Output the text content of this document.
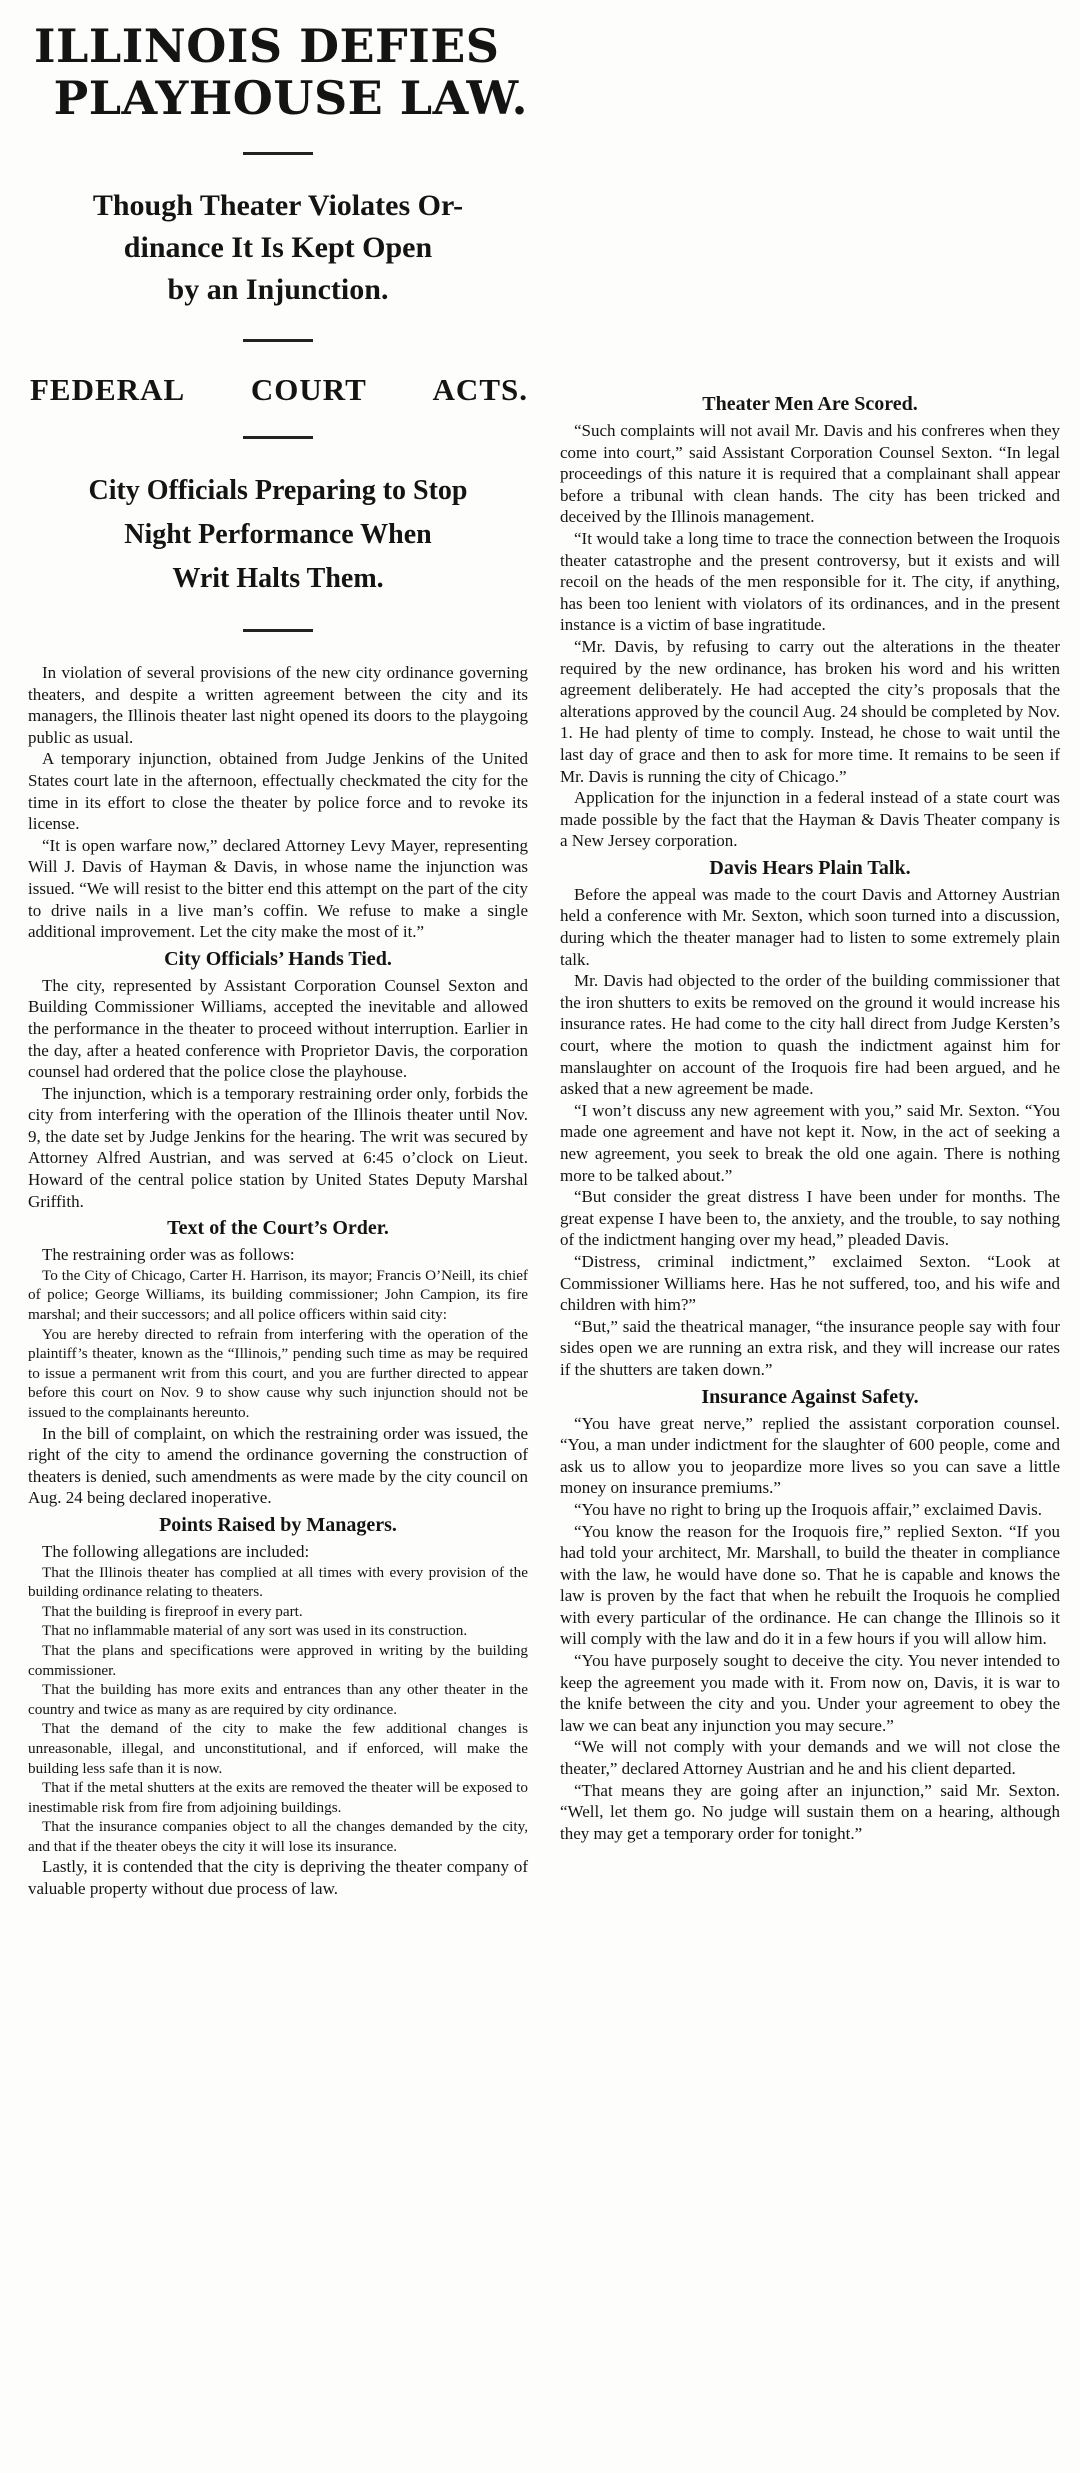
ILLINOIS DEFIES
PLAYHOUSE LAW.
Though Theater Violates Or-
dinance It Is Kept Open
by an Injunction.
FEDERAL COURT ACTS.
City Officials Preparing to Stop
Night Performance When
Writ Halts Them.

In violation of several provisions of the new city ordinance governing theaters, and despite a written agreement between the city and its managers, the Illinois theater last night opened its doors to the playgoing public as usual.

A temporary injunction, obtained from Judge Jenkins of the United States court late in the afternoon, effectually checkmated the city for the time in its effort to close the theater by police force and to revoke its license.

“It is open warfare now,” declared Attorney Levy Mayer, representing Will J. Davis of Hayman & Davis, in whose name the injunction was issued. “We will resist to the bitter end this attempt on the part of the city to drive nails in a live man’s coffin. We refuse to make a single additional improvement. Let the city make the most of it.”

City Officials’ Hands Tied.

The city, represented by Assistant Corporation Counsel Sexton and Building Commissioner Williams, accepted the inevitable and allowed the performance in the theater to proceed without interruption. Earlier in the day, after a heated conference with Proprietor Davis, the corporation counsel had ordered that the police close the playhouse.

The injunction, which is a temporary restraining order only, forbids the city from interfering with the operation of the Illinois theater until Nov. 9, the date set by Judge Jenkins for the hearing. The writ was secured by Attorney Alfred Austrian, and was served at 6:45 o’clock on Lieut. Howard of the central police station by United States Deputy Marshal Griffith.

Text of the Court’s Order.

The restraining order was as follows:

To the City of Chicago, Carter H. Harrison, its mayor; Francis O’Neill, its chief of police; George Williams, its building commissioner; John Campion, its fire marshal; and their successors; and all police officers within said city:

You are hereby directed to refrain from interfering with the operation of the plaintiff’s theater, known as the “Illinois,” pending such time as may be required to issue a permanent writ from this court, and you are further directed to appear before this court on Nov. 9 to show cause why such injunction should not be issued to the complainants hereunto.

In the bill of complaint, on which the restraining order was issued, the right of the city to amend the ordinance governing the construction of theaters is denied, such amendments as were made by the city council on Aug. 24 being declared inoperative.

Points Raised by Managers.

The following allegations are included:

That the Illinois theater has complied at all times with every provision of the building ordinance relating to theaters.

That the building is fireproof in every part.

That no inflammable material of any sort was used in its construction.

That the plans and specifications were approved in writing by the building commissioner.

That the building has more exits and entrances than any other theater in the country and twice as many as are required by city ordinance.

That the demand of the city to make the few additional changes is unreasonable, illegal, and unconstitutional, and if enforced, will make the building less safe than it is now.

That if the metal shutters at the exits are removed the theater will be exposed to inestimable risk from fire from adjoining buildings.

That the insurance companies object to all the changes demanded by the city, and that if the theater obeys the city it will lose its insurance.

Lastly, it is contended that the city is depriving the theater company of valuable property without due process of law.

Theater Men Are Scored.

“Such complaints will not avail Mr. Davis and his confreres when they come into court,” said Assistant Corporation Counsel Sexton. “In legal proceedings of this nature it is required that a complainant shall appear before a tribunal with clean hands. The city has been tricked and deceived by the Illinois management.

“It would take a long time to trace the connection between the Iroquois theater catastrophe and the present controversy, but it exists and will recoil on the heads of the men responsible for it. The city, if anything, has been too lenient with violators of its ordinances, and in the present instance is a victim of base ingratitude.

“Mr. Davis, by refusing to carry out the alterations in the theater required by the new ordinance, has broken his word and his written agreement deliberately. He had accepted the city’s proposals that the alterations approved by the council Aug. 24 should be completed by Nov. 1. He had plenty of time to comply. Instead, he chose to wait until the last day of grace and then to ask for more time. It remains to be seen if Mr. Davis is running the city of Chicago.”

Application for the injunction in a federal instead of a state court was made possible by the fact that the Hayman & Davis Theater company is a New Jersey corporation.

Davis Hears Plain Talk.

Before the appeal was made to the court Davis and Attorney Austrian held a conference with Mr. Sexton, which soon turned into a discussion, during which the theater manager had to listen to some extremely plain talk.

Mr. Davis had objected to the order of the building commissioner that the iron shutters to exits be removed on the ground it would increase his insurance rates. He had come to the city hall direct from Judge Kersten’s court, where the motion to quash the indictment against him for manslaughter on account of the Iroquois fire had been argued, and he asked that a new agreement be made.

“I won’t discuss any new agreement with you,” said Mr. Sexton. “You made one agreement and have not kept it. Now, in the act of seeking a new agreement, you seek to break the old one again. There is nothing more to be talked about.”

“But consider the great distress I have been under for months. The great expense I have been to, the anxiety, and the trouble, to say nothing of the indictment hanging over my head,” pleaded Davis.

“Distress, criminal indictment,” exclaimed Sexton. “Look at Commissioner Williams here. Has he not suffered, too, and his wife and children with him?”

“But,” said the theatrical manager, “the insurance people say with four sides open we are running an extra risk, and they will increase our rates if the shutters are taken down.”

Insurance Against Safety.

“You have great nerve,” replied the assistant corporation counsel. “You, a man under indictment for the slaughter of 600 people, come and ask us to allow you to jeopardize more lives so you can save a little money on insurance premiums.”

“You have no right to bring up the Iroquois affair,” exclaimed Davis.

“You know the reason for the Iroquois fire,” replied Sexton. “If you had told your architect, Mr. Marshall, to build the theater in compliance with the law, he would have done so. That he is capable and knows the law is proven by the fact that when he rebuilt the Iroquois he complied with every particular of the ordinance. He can change the Illinois so it will comply with the law and do it in a few hours if you will allow him.

“You have purposely sought to deceive the city. You never intended to keep the agreement you made with it. From now on, Davis, it is war to the knife between the city and you. Under your agreement to obey the law we can beat any injunction you may secure.”

“We will not comply with your demands and we will not close the theater,” declared Attorney Austrian and he and his client departed.

“That means they are going after an injunction,” said Mr. Sexton. “Well, let them go. No judge will sustain them on a hearing, although they may get a temporary order for tonight.”
